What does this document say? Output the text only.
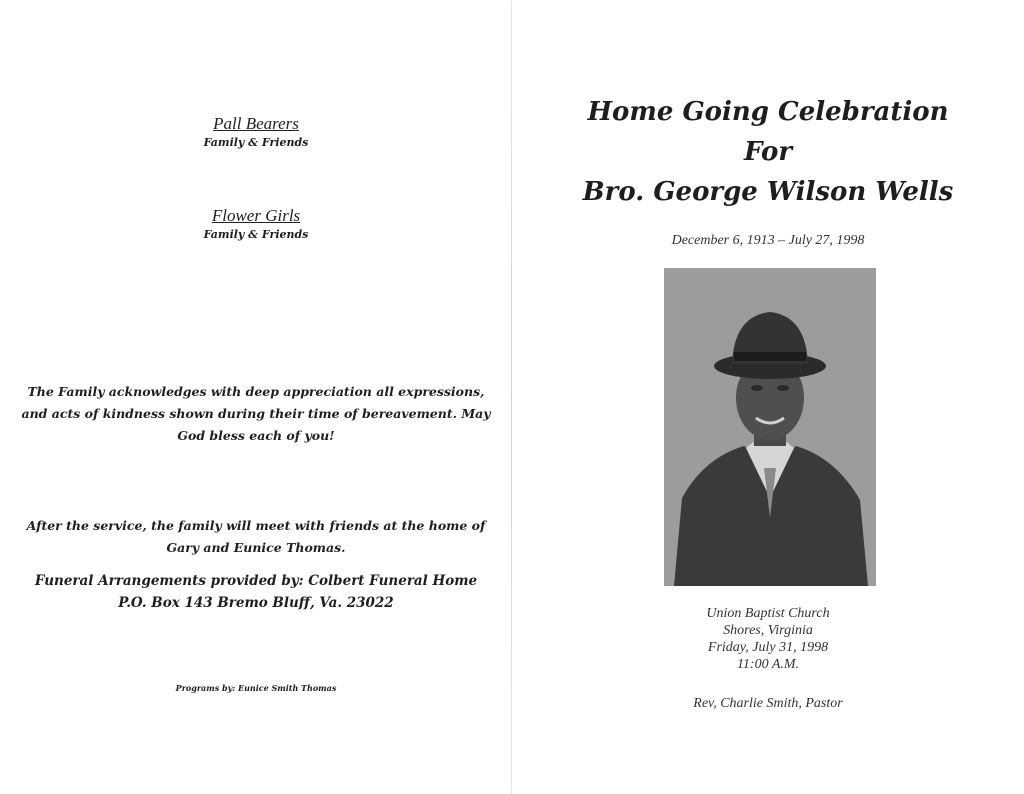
Pall Bearers
Family & Friends
Flower Girls
Family & Friends
The Family acknowledges with deep appreciation all expressions,
and acts of kindness shown during their time of bereavement. May
God bless each of you!
After the service, the family will meet with friends at the home of
Gary and Eunice Thomas.
Funeral Arrangements provided by: Colbert Funeral Home
P.O. Box 143 Bremo Bluff, Va. 23022
Programs by: Eunice Smith Thomas
Home Going Celebration
For
Bro. George Wilson Wells
December 6, 1913 – July 27, 1998
Union Baptist Church
Shores, Virginia
Friday, July 31, 1998
11:00 A.M.
Rev, Charlie Smith, Pastor
